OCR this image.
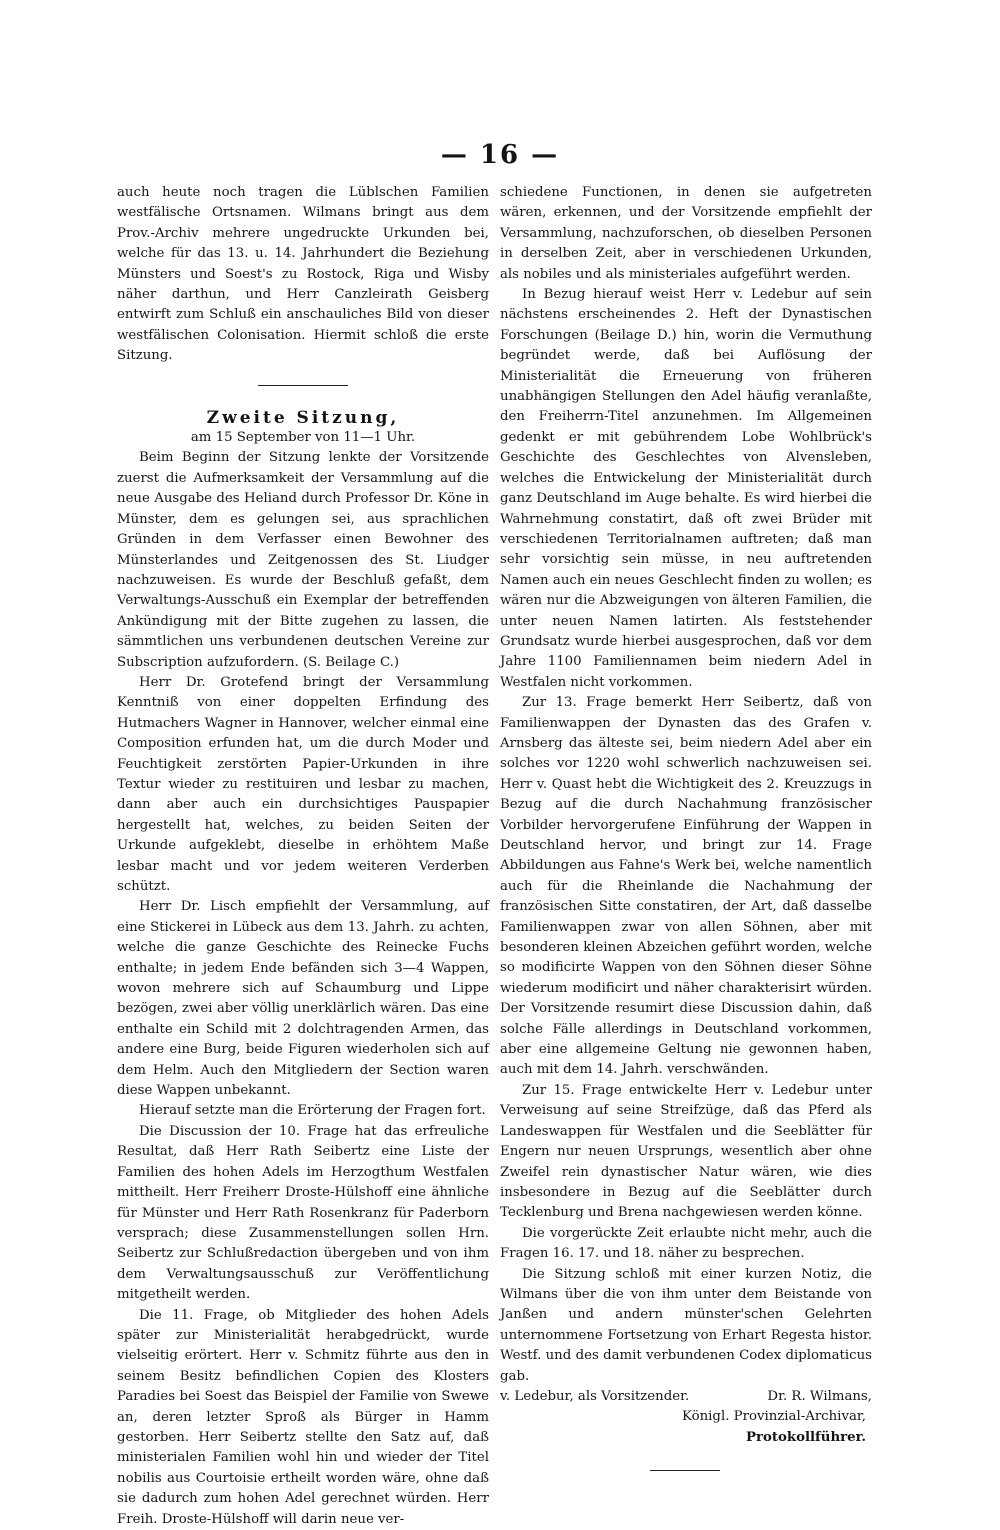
— 16 —

auch heute noch tragen die Lüblschen Familien westfälische Ortsnamen. Wilmans bringt aus dem Prov.-Archiv mehrere ungedruckte Urkunden bei, welche für das 13. u. 14. Jahrhundert die Beziehung Münsters und Soest's zu Rostock, Riga und Wisby näher darthun, und Herr Canzleirath Geisberg entwirft zum Schluß ein anschauliches Bild von dieser westfälischen Colonisation. Hiermit schloß die erste Sitzung.

Zweite Sitzung,

am 15 September von 11—1 Uhr.

Beim Beginn der Sitzung lenkte der Vorsitzende zuerst die Aufmerksamkeit der Versammlung auf die neue Ausgabe des Heliand durch Professor Dr. Köne in Münster, dem es gelungen sei, aus sprachlichen Gründen in dem Verfasser einen Bewohner des Münsterlandes und Zeitgenossen des St. Liudger nachzuweisen. Es wurde der Beschluß gefaßt, dem Verwaltungs-Ausschuß ein Exemplar der betreffenden Ankündigung mit der Bitte zugehen zu lassen, die sämmtlichen uns verbundenen deutschen Vereine zur Subscription aufzufordern. (S. Beilage C.)

Herr Dr. Grotefend bringt der Versammlung Kenntniß von einer doppelten Erfindung des Hutmachers Wagner in Hannover, welcher einmal eine Composition erfunden hat, um die durch Moder und Feuchtigkeit zerstörten Papier-Urkunden in ihre Textur wieder zu restituiren und lesbar zu machen, dann aber auch ein durchsichtiges Pauspapier hergestellt hat, welches, zu beiden Seiten der Urkunde aufgeklebt, dieselbe in erhöhtem Maße lesbar macht und vor jedem weiteren Verderben schützt.

Herr Dr. Lisch empfiehlt der Versammlung, auf eine Stickerei in Lübeck aus dem 13. Jahrh. zu achten, welche die ganze Geschichte des Reinecke Fuchs enthalte; in jedem Ende befänden sich 3—4 Wappen, wovon mehrere sich auf Schaumburg und Lippe bezögen, zwei aber völlig unerklärlich wären. Das eine enthalte ein Schild mit 2 dolchtragenden Armen, das andere eine Burg, beide Figuren wiederholen sich auf dem Helm. Auch den Mitgliedern der Section waren diese Wappen unbekannt.

Hierauf setzte man die Erörterung der Fragen fort.

Die Discussion der 10. Frage hat das erfreuliche Resultat, daß Herr Rath Seibertz eine Liste der Familien des hohen Adels im Herzogthum Westfalen mittheilt. Herr Freiherr Droste-Hülshoff eine ähnliche für Münster und Herr Rath Rosenkranz für Paderborn versprach; diese Zusammenstellungen sollen Hrn. Seibertz zur Schlußredaction übergeben und von ihm dem Verwaltungsausschuß zur Veröffentlichung mitgetheilt werden.

Die 11. Frage, ob Mitglieder des hohen Adels später zur Ministerialität herabgedrückt, wurde vielseitig erörtert. Herr v. Schmitz führte aus den in seinem Besitz befindlichen Copien des Klosters Paradies bei Soest das Beispiel der Familie von Swewe an, deren letzter Sproß als Bürger in Hamm gestorben. Herr Seibertz stellte den Satz auf, daß ministerialen Familien wohl hin und wieder der Titel nobilis aus Courtoisie ertheilt worden wäre, ohne daß sie dadurch zum hohen Adel gerechnet würden. Herr Freih. Droste-Hülshoff will darin neue ver-

schiedene Functionen, in denen sie aufgetreten wären, erkennen, und der Vorsitzende empfiehlt der Versammlung, nachzuforschen, ob dieselben Personen in derselben Zeit, aber in verschiedenen Urkunden, als nobiles und als ministeriales aufgeführt werden.

In Bezug hierauf weist Herr v. Ledebur auf sein nächstens erscheinendes 2. Heft der Dynastischen Forschungen (Beilage D.) hin, worin die Vermuthung begründet werde, daß bei Auflösung der Ministerialität die Erneuerung von früheren unabhängigen Stellungen den Adel häufig veranlaßte, den Freiherrn-Titel anzunehmen. Im Allgemeinen gedenkt er mit gebührendem Lobe Wohlbrück's Geschichte des Geschlechtes von Alvensleben, welches die Entwickelung der Ministerialität durch ganz Deutschland im Auge behalte. Es wird hierbei die Wahrnehmung constatirt, daß oft zwei Brüder mit verschiedenen Territorialnamen auftreten; daß man sehr vorsichtig sein müsse, in neu auftretenden Namen auch ein neues Geschlecht finden zu wollen; es wären nur die Abzweigungen von älteren Familien, die unter neuen Namen latirten. Als feststehender Grundsatz wurde hierbei ausgesprochen, daß vor dem Jahre 1100 Familiennamen beim niedern Adel in Westfalen nicht vorkommen.

Zur 13. Frage bemerkt Herr Seibertz, daß von Familienwappen der Dynasten das des Grafen v. Arnsberg das älteste sei, beim niedern Adel aber ein solches vor 1220 wohl schwerlich nachzuweisen sei. Herr v. Quast hebt die Wichtigkeit des 2. Kreuzzugs in Bezug auf die durch Nachahmung französischer Vorbilder hervorgerufene Einführung der Wappen in Deutschland hervor, und bringt zur 14. Frage Abbildungen aus Fahne's Werk bei, welche namentlich auch für die Rheinlande die Nachahmung der französischen Sitte constatiren, der Art, daß dasselbe Familienwappen zwar von allen Söhnen, aber mit besonderen kleinen Abzeichen geführt worden, welche so modificirte Wappen von den Söhnen dieser Söhne wiederum modificirt und näher charakterisirt würden. Der Vorsitzende resumirt diese Discussion dahin, daß solche Fälle allerdings in Deutschland vorkommen, aber eine allgemeine Geltung nie gewonnen haben, auch mit dem 14. Jahrh. verschwänden.

Zur 15. Frage entwickelte Herr v. Ledebur unter Verweisung auf seine Streifzüge, daß das Pferd als Landeswappen für Westfalen und die Seeblätter für Engern nur neuen Ursprungs, wesentlich aber ohne Zweifel rein dynastischer Natur wären, wie dies insbesondere in Bezug auf die Seeblätter durch Tecklenburg und Brena nachgewiesen werden könne.

Die vorgerückte Zeit erlaubte nicht mehr, auch die Fragen 16. 17. und 18. näher zu besprechen.

Die Sitzung schloß mit einer kurzen Notiz, die Wilmans über die von ihm unter dem Beistande von Janßen und andern münster'schen Gelehrten unternommene Fortsetzung von Erhart Regesta histor. Westf. und des damit verbundenen Codex diplomaticus gab.

v. Ledebur, als Vorsitzender.	Dr. R. Wilmans,

Königl. Provinzial-Archivar,

Protokollführer.
